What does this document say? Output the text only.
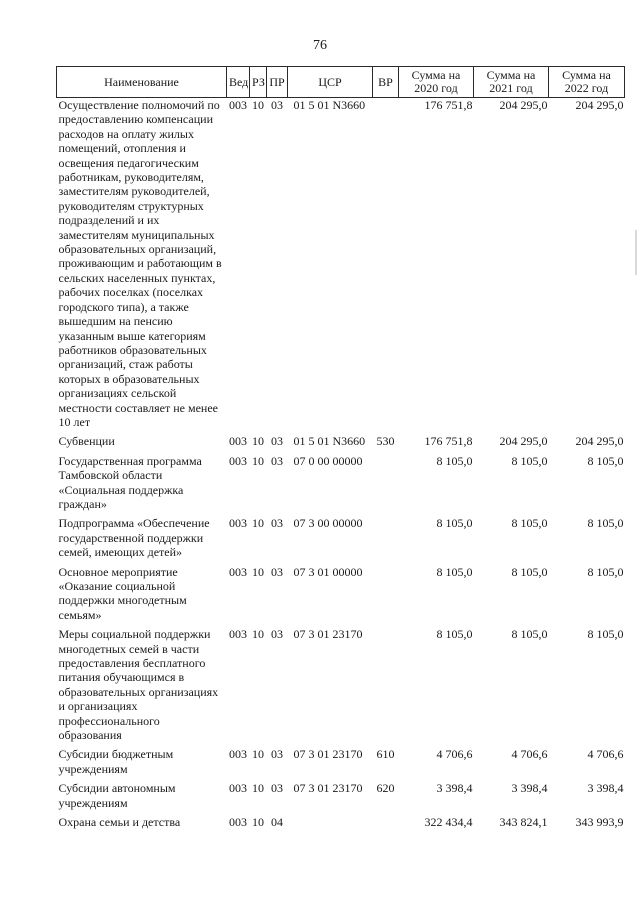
76
Наименование	Вед	РЗ	ПР	ЦСР	ВР	Сумма на 2020 год	Сумма на 2021 год	Сумма на 2022 год
Осуществление полномочий по предоставлению компенсации расходов на оплату жилых помещений, отопления и освещения педагогическим работникам, руководителям, заместителям руководителей, руководителям структурных подразделений и их заместителям муниципальных образовательных организаций, проживающим и работающим в сельских населенных пунктах, рабочих поселках (поселках городского типа), а также вышедшим на пенсию указанным выше категориям работников образовательных организаций, стаж работы которых в образовательных организациях сельской местности составляет не менее 10 лет	003	10	03	01 5 01 N3660		176 751,8	204 295,0	204 295,0
Субвенции	003	10	03	01 5 01 N3660	530	176 751,8	204 295,0	204 295,0
Государственная программа Тамбовской области «Социальная поддержка граждан»	003	10	03	07 0 00 00000		8 105,0	8 105,0	8 105,0
Подпрограмма «Обеспечение государственной поддержки семей, имеющих детей»	003	10	03	07 3 00 00000		8 105,0	8 105,0	8 105,0
Основное мероприятие «Оказание социальной поддержки многодетным семьям»	003	10	03	07 3 01 00000		8 105,0	8 105,0	8 105,0
Меры социальной поддержки многодетных семей в части предоставления бесплатного питания обучающимся в образовательных организациях и организациях профессионального образования	003	10	03	07 3 01 23170		8 105,0	8 105,0	8 105,0
Субсидии бюджетным учреждениям	003	10	03	07 3 01 23170	610	4 706,6	4 706,6	4 706,6
Субсидии автономным учреждениям	003	10	03	07 3 01 23170	620	3 398,4	3 398,4	3 398,4
Охрана семьи и детства	003	10	04			322 434,4	343 824,1	343 993,9
